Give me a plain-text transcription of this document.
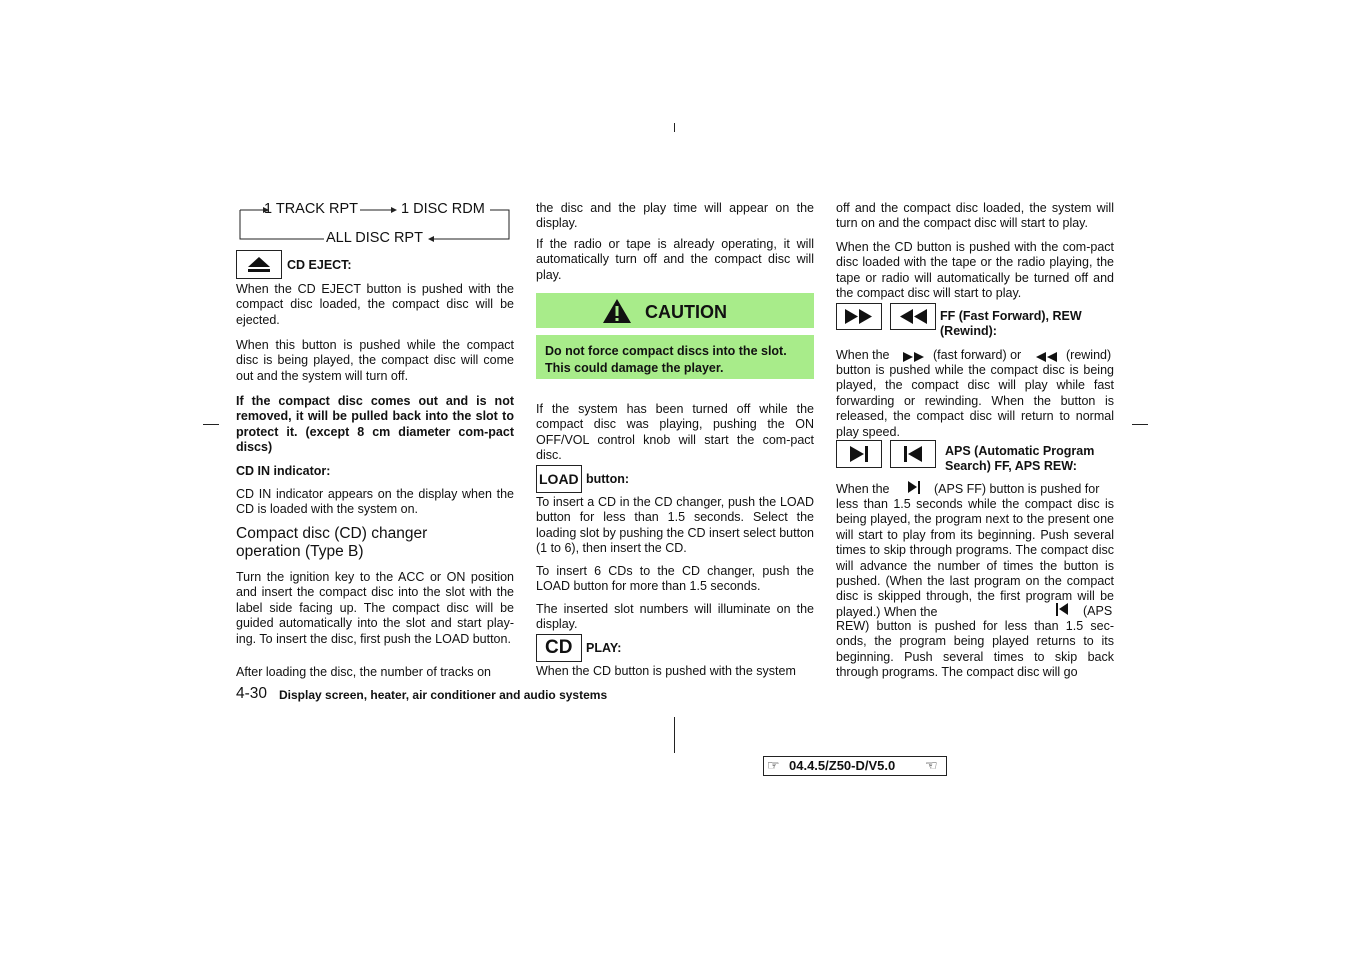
1 TRACK RPT	1 DISC RDM
ALL DISC RPT
CD EJECT:

When the CD EJECT button is pushed with the compact disc loaded, the compact disc will be ejected.

When this button is pushed while the compact disc is being played, the compact disc will come out and the system will turn off.

If the compact disc comes out and is not removed, it will be pulled back into the slot to protect it. (except 8 cm diameter com-pact discs)

CD IN indicator:

CD IN indicator appears on the display when the CD is loaded with the system on.

Compact disc (CD) changer
operation (Type B)

Turn the ignition key to the ACC or ON position and insert the compact disc into the slot with the label side facing up. The compact disc will be guided automatically into the slot and start play-ing. To insert the disc, first push the LOAD button.

After loading the disc, the number of tracks on

the disc and the play time will appear on the display.

If the radio or tape is already operating, it will automatically turn off and the compact disc will play.

CAUTION

Do not force compact discs into the slot. This could damage the player.

If the system has been turned off while the compact disc was playing, pushing the ON OFF/VOL control knob will start the com-pact disc.

LOAD button:

To insert a CD in the CD changer, push the LOAD button for less than 1.5 seconds. Select the loading slot by pushing the CD insert select button (1 to 6), then insert the CD.

To insert 6 CDs to the CD changer, push the LOAD button for more than 1.5 seconds.

The inserted slot numbers will illuminate on the display.

CD PLAY:

When the CD button is pushed with the system

off and the compact disc loaded, the system will turn on and the compact disc will start to play.

When the CD button is pushed with the com-pact disc loaded with the tape or the radio playing, the tape or radio will automatically be turned off and the compact disc will start to play.

FF (Fast Forward), REW (Rewind):
When the	(fast forward) or	(rewind)

button is pushed while the compact disc is being played, the compact disc will play while fast forwarding or rewinding. When the button is released, the compact disc will return to normal play speed.

APS (Automatic Program Search) FF, APS REW:
When the	(APS FF) button is pushed for

less than 1.5 seconds while the compact disc is being played, the program next to the present one will start to play from its beginning. Push several times to skip through programs. The compact disc will advance the number of times the button is pushed. (When the last program on the compact disc is skipped through, the first program will be played.) When the	(APS

REW) button is pushed for less than 1.5 sec-onds, the program being played returns to its beginning. Push several times to skip back through programs. The compact disc will go

4-30 Display screen, heater, air conditioner and audio systems
☞ 04.4.5/Z50-D/V5.0 ☜
